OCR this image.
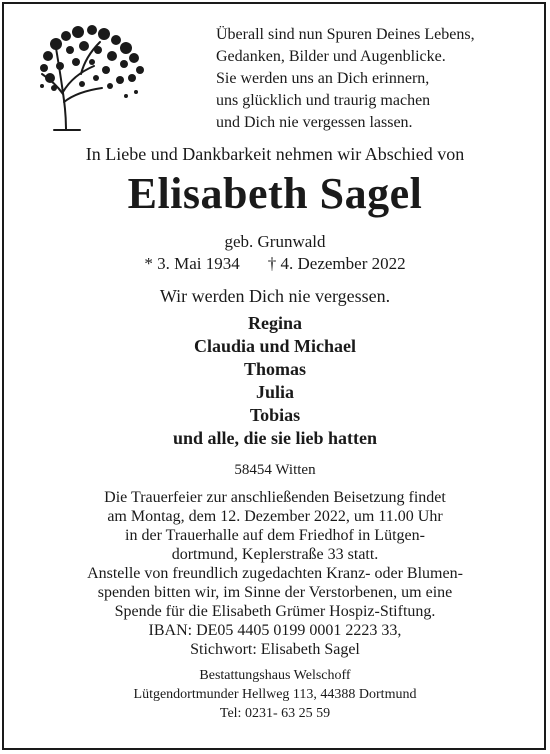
Überall sind nun Spuren Deines Lebens,
Gedanken, Bilder und Augenblicke.
Sie werden uns an Dich erinnern,
uns glücklich und traurig machen
und Dich nie vergessen lassen.
In Liebe und Dankbarkeit nehmen wir Abschied von
Elisabeth Sagel
geb. Grunwald
* 3. Mai 1934 † 4. Dezember 2022
Wir werden Dich nie vergessen.
Regina
Claudia und Michael
Thomas
Julia
Tobias
und alle, die sie lieb hatten
58454 Witten
Die Trauerfeier zur anschließenden Beisetzung findet
am Montag, dem 12. Dezember 2022, um 11.00 Uhr
in der Trauerhalle auf dem Friedhof in Lütgen-
dortmund, Keplerstraße 33 statt.
Anstelle von freundlich zugedachten Kranz- oder Blumen-
spenden bitten wir, im Sinne der Verstorbenen, um eine
Spende für die Elisabeth Grümer Hospiz-Stiftung.
IBAN: DE05 4405 0199 0001 2223 33,
Stichwort: Elisabeth Sagel
Bestattungshaus Welschoff
Lütgendortmunder Hellweg 113, 44388 Dortmund
Tel: 0231- 63 25 59
